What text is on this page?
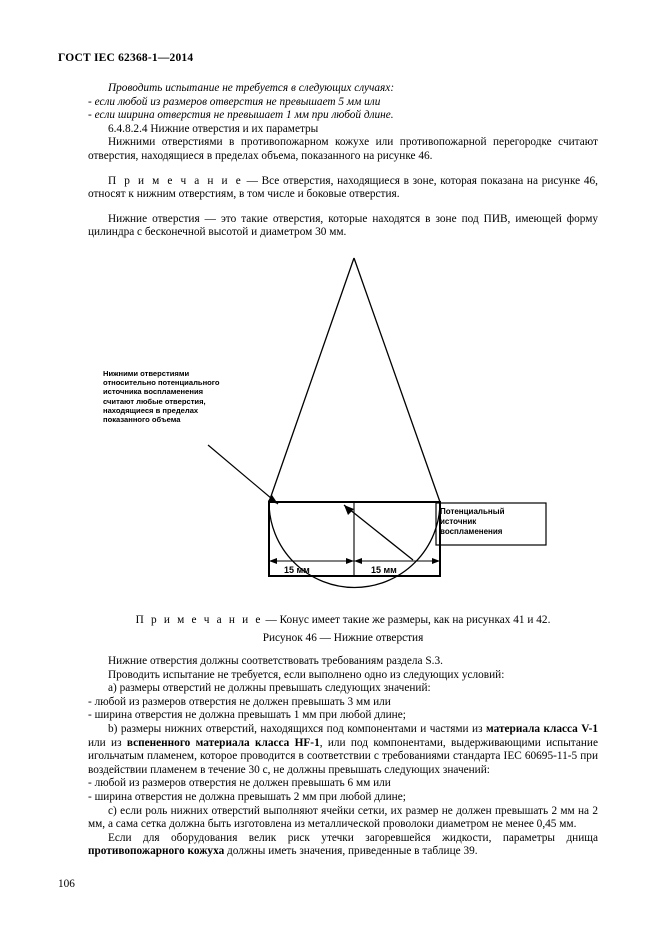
ГОСТ IEC 62368-1—2014

Проводить испытание не требуется в следующих случаях:

- если любой из размеров отверстия не превышает 5 мм или

- если ширина отверстия не превышает 1 мм при любой длине.

6.4.8.2.4 Нижние отверстия и их параметры

Нижними отверстиями в противопожарном кожухе или противопожарной перегородке считают отверстия, находящиеся в пределах объема, показанного на рисунке 46.

П р и м е ч а н и е — Все отверстия, находящиеся в зоне, которая показана на рисунке 46, относят к нижним отверстиям, в том числе и боковые отверстия.

Нижние отверстия — это такие отверстия, которые находятся в зоне под ПИВ, имеющей форму цилиндра с бесконечной высотой и диаметром 30 мм.

Нижними отверстиями
относительно потенциального
источника воспламенения
считают любые отверстия,
находящиеся в пределах
показанного объема
Потенциальный
источник
воспламенения
15 мм	15 мм
П р и м е ч а н и е — Конус имеет такие же размеры, как на рисунках 41 и 42.
Рисунок 46 — Нижние отверстия

Нижние отверстия должны соответствовать требованиям раздела S.3.

Проводить испытание не требуется, если выполнено одно из следующих условий:

a) размеры отверстий не должны превышать следующих значений:

- любой из размеров отверстия не должен превышать 3 мм или

- ширина отверстия не должна превышать 1 мм при любой длине;

b) размеры нижних отверстий, находящихся под компонентами и частями из материала класса V-1 или из вспененного материала класса HF-1, или под компонентами, выдерживающими испытание игольчатым пламенем, которое проводится в соответствии с требованиями стандарта IEC 60695-11-5 при воздействии пламенем в течение 30 с, не должны превышать следующих значений:

- любой из размеров отверстия не должен превышать 6 мм или

- ширина отверстия не должна превышать 2 мм при любой длине;

c) если роль нижних отверстий выполняют ячейки сетки, их размер не должен превышать 2 мм на 2 мм, а сама сетка должна быть изготовлена из металлической проволоки диаметром не менее 0,45 мм.

Если для оборудования велик риск утечки загоревшейся жидкости, параметры днища противопожарного кожуха должны иметь значения, приведенные в таблице 39.

106
